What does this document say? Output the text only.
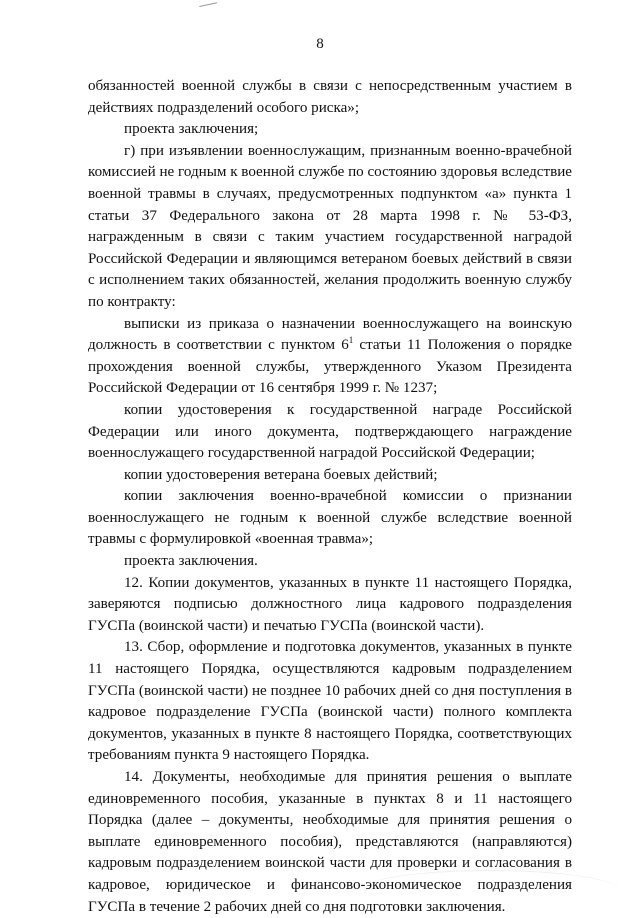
8

обязанностей военной службы в связи с непосредственным участием в действиях подразделений особого риска»;

проекта заключения;

г) при изъявлении военнослужащим, признанным военно-врачебной комиссией не годным к военной службе по состоянию здоровья вследствие военной травмы в случаях, предусмотренных подпунктом «а» пункта 1 статьи 37 Федерального закона от 28 марта 1998 г. № 53-ФЗ, награжденным в связи с таким участием государственной наградой Российской Федерации и являющимся ветераном боевых действий в связи с исполнением таких обязанностей, желания продолжить военную службу по контракту:

выписки из приказа о назначении военнослужащего на воинскую должность в соответствии с пунктом $6^1$ статьи 11 Положения о порядке прохождения военной службы, утвержденного Указом Президента Российской Федерации от 16 сентября 1999 г. № 1237;

копии удостоверения к государственной награде Российской Федерации или иного документа, подтверждающего награждение военнослужащего государственной наградой Российской Федерации;

копии удостоверения ветерана боевых действий;

копии заключения военно-врачебной комиссии о признании военнослужащего не годным к военной службе вследствие военной травмы с формулировкой «военная травма»;

проекта заключения.

12. Копии документов, указанных в пункте 11 настоящего Порядка, заверяются подписью должностного лица кадрового подразделения ГУСПа (воинской части) и печатью ГУСПа (воинской части).

13. Сбор, оформление и подготовка документов, указанных в пункте 11 настоящего Порядка, осуществляются кадровым подразделением ГУСПа (воинской части) не позднее 10 рабочих дней со дня поступления в кадровое подразделение ГУСПа (воинской части) полного комплекта документов, указанных в пункте 8 настоящего Порядка, соответствующих требованиям пункта 9 настоящего Порядка.

14. Документы, необходимые для принятия решения о выплате единовременного пособия, указанные в пунктах 8 и 11 настоящего Порядка (далее – документы, необходимые для принятия решения о выплате единовременного пособия), представляются (направляются) кадровым подразделением воинской части для проверки и согласования в кадровое, юридическое и финансово-экономическое подразделения ГУСПа в течение 2 рабочих дней со дня подготовки заключения.
